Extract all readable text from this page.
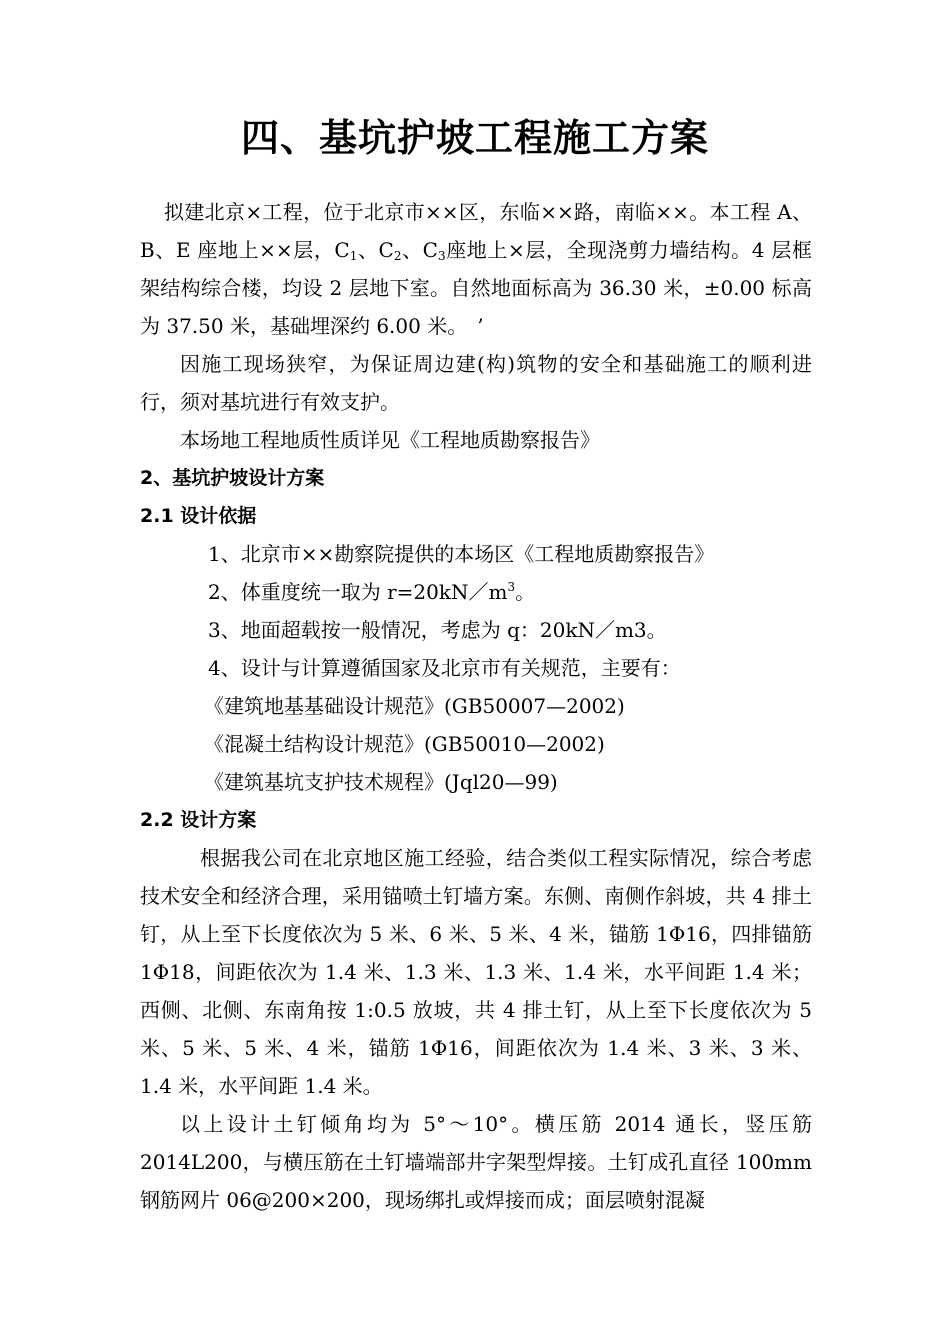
四、基坑护坡工程施工方案

拟建北京×工程，位于北京市××区，东临××路，南临××。本工程 A、B、E 座地上××层，$C_1$、$C_2$、$C_3$座地上×层，全现浇剪力墙结构。4 层框架结构综合楼，均设 2 层地下室。自然地面标高为 36.30 米，±0.00 标高为 37.50 米，基础埋深约 6.00 米。　’

因施工现场狭窄，为保证周边建(构)筑物的安全和基础施工的顺利进行，须对基坑进行有效支护。

本场地工程地质性质详见《工程地质勘察报告》

2、基坑护坡设计方案

2.1 设计依据

1、北京市××勘察院提供的本场区《工程地质勘察报告》

2、体重度统一取为 $r=20kN/m^3$。

3、地面超载按一般情况，考虑为 q：20kN／m3。

4、设计与计算遵循国家及北京市有关规范，主要有：

《建筑地基基础设计规范》(GB50007—2002)

《混凝土结构设计规范》(GB50010—2002)

《建筑基坑支护技术规程》(Jql20—99)

2.2 设计方案

根据我公司在北京地区施工经验，结合类似工程实际情况，综合考虑技术安全和经济合理，采用锚喷土钉墙方案。东侧、南侧作斜坡，共 4 排土钉，从上至下长度依次为 5 米、6 米、5 米、4 米，锚筋 1Φ16，四排锚筋 1Φ18，间距依次为 1.4 米、1.3 米、1.3 米、1.4 米，水平间距 1.4 米；西侧、北侧、东南角按 1:0.5 放坡，共 4 排土钉，从上至下长度依次为 5 米、5 米、5 米、4 米，锚筋 1Φ16，间距依次为 1.4 米、3 米、3 米、1.4 米，水平间距 1.4 米。

以上设计土钉倾角均为 5°～10°。横压筋 2014 通长，竖压筋 2014L200，与横压筋在土钉墙端部井字架型焊接。土钉成孔直径 100mm 钢筋网片 06@200×200，现场绑扎或焊接而成；面层喷射混凝
